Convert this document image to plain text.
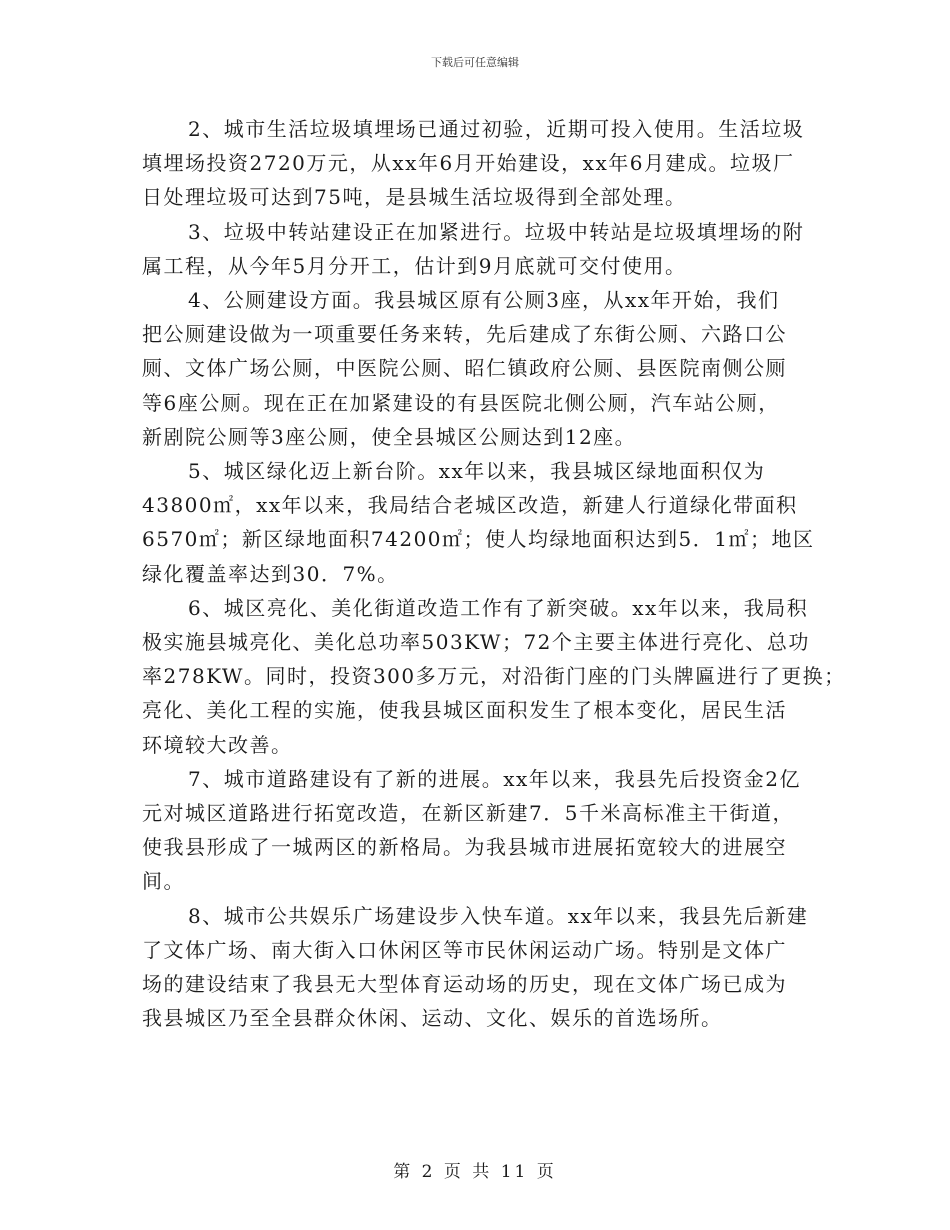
下载后可任意编辑

2、城市生活垃圾填埋场已通过初验，近期可投入使用。生活垃圾
填埋场投资2720万元，从xx年6月开始建设，xx年6月建成。垃圾厂
日处理垃圾可达到75吨，是县城生活垃圾得到全部处理。

3、垃圾中转站建设正在加紧进行。垃圾中转站是垃圾填埋场的附
属工程，从今年5月分开工，估计到9月底就可交付使用。

4、公厕建设方面。我县城区原有公厕3座，从xx年开始，我们
把公厕建设做为一项重要任务来转，先后建成了东街公厕、六路口公
厕、文体广场公厕，中医院公厕、昭仁镇政府公厕、县医院南侧公厕
等6座公厕。现在正在加紧建设的有县医院北侧公厕，汽车站公厕，
新剧院公厕等3座公厕，使全县城区公厕达到12座。

5、城区绿化迈上新台阶。xx年以来，我县城区绿地面积仅为
43800㎡，xx年以来，我局结合老城区改造，新建人行道绿化带面积
6570㎡；新区绿地面积74200㎡；使人均绿地面积达到5．1㎡；地区
绿化覆盖率达到30．7%。

6、城区亮化、美化街道改造工作有了新突破。xx年以来，我局积
极实施县城亮化、美化总功率503KW；72个主要主体进行亮化、总功
率278KW。同时，投资300多万元，对沿街门座的门头牌匾进行了更换；
亮化、美化工程的实施，使我县城区面积发生了根本变化，居民生活
环境较大改善。

7、城市道路建设有了新的进展。xx年以来，我县先后投资金2亿
元对城区道路进行拓宽改造，在新区新建7．5千米高标准主干街道，
使我县形成了一城两区的新格局。为我县城市进展拓宽较大的进展空
间。

8、城市公共娱乐广场建设步入快车道。xx年以来，我县先后新建
了文体广场、南大街入口休闲区等市民休闲运动广场。特别是文体广
场的建设结束了我县无大型体育运动场的历史，现在文体广场已成为
我县城区乃至全县群众休闲、运动、文化、娱乐的首选场所。

第 2 页 共 11 页
